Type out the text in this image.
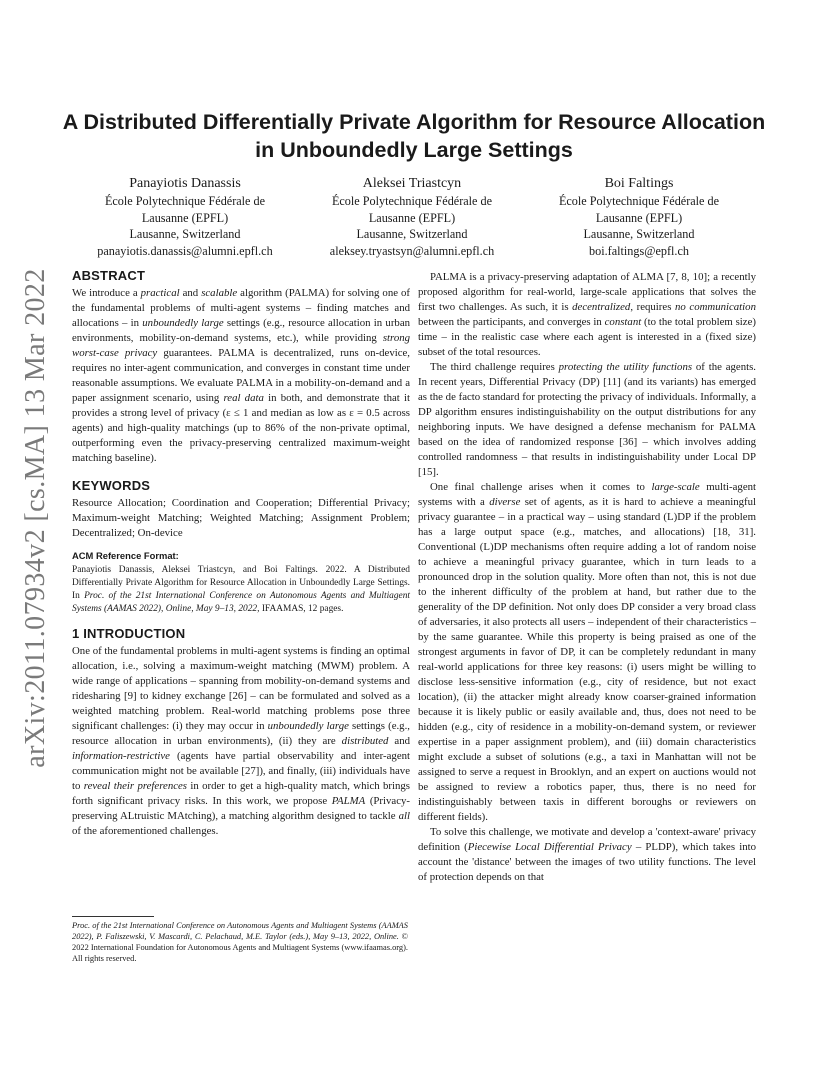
A Distributed Differentially Private Algorithm for Resource Allocation in Unboundedly Large Settings
Panayiotis Danassis
École Polytechnique Fédérale de
Lausanne (EPFL)
Lausanne, Switzerland
panayiotis.danassis@alumni.epfl.ch
Aleksei Triastcyn
École Polytechnique Fédérale de
Lausanne (EPFL)
Lausanne, Switzerland
aleksey.tryastsyn@alumni.epfl.ch
Boi Faltings
École Polytechnique Fédérale de
Lausanne (EPFL)
Lausanne, Switzerland
boi.faltings@epfl.ch
arXiv:2011.07934v2 [cs.MA] 13 Mar 2022 ABSTRACT

We introduce a practical and scalable algorithm (PALMA) for solving one of the fundamental problems of multi-agent systems – finding matches and allocations – in unboundedly large settings (e.g., resource allocation in urban environments, mobility-on-demand systems, etc.), while providing strong worst-case privacy guarantees. PALMA is decentralized, runs on-device, requires no inter-agent communication, and converges in constant time under reasonable assumptions. We evaluate PALMA in a mobility-on-demand and a paper assignment scenario, using real data in both, and demonstrate that it provides a strong level of privacy (ε ≤ 1 and median as low as ε = 0.5 across agents) and high-quality matchings (up to 86% of the non-private optimal, outperforming even the privacy-preserving centralized maximum-weight matching baseline).

KEYWORDS

Resource Allocation; Coordination and Cooperation; Differential Privacy; Maximum-weight Matching; Weighted Matching; Assignment Problem; Decentralized; On-device

ACM Reference Format:

Panayiotis Danassis, Aleksei Triastcyn, and Boi Faltings. 2022. A Distributed Differentially Private Algorithm for Resource Allocation in Unboundedly Large Settings. In Proc. of the 21st International Conference on Autonomous Agents and Multiagent Systems (AAMAS 2022), Online, May 9–13, 2022, IFAAMAS, 12 pages.

1 INTRODUCTION

One of the fundamental problems in multi-agent systems is finding an optimal allocation, i.e., solving a maximum-weight matching (MWM) problem. A wide range of applications – spanning from mobility-on-demand systems and ridesharing [9] to kidney exchange [26] – can be formulated and solved as a weighted matching problem. Real-world matching problems pose three significant challenges: (i) they may occur in unboundedly large settings (e.g., resource allocation in urban environments), (ii) they are distributed and information-restrictive (agents have partial observability and inter-agent communication might not be available [27]), and finally, (iii) individuals have to reveal their preferences in order to get a high-quality match, which brings forth significant privacy risks. In this work, we propose PALMA (Privacy-preserving ALtruistic MAtching), a matching algorithm designed to tackle all of the aforementioned challenges.

Proc. of the 21st International Conference on Autonomous Agents and Multiagent Systems (AAMAS 2022), P. Faliszewski, V. Mascardi, C. Pelachaud, M.E. Taylor (eds.), May 9–13, 2022, Online. © 2022 International Foundation for Autonomous Agents and Multiagent Systems (www.ifaamas.org). All rights reserved.

PALMA is a privacy-preserving adaptation of ALMA [7, 8, 10]; a recently proposed algorithm for real-world, large-scale applications that solves the first two challenges. As such, it is decentralized, requires no communication between the participants, and converges in constant (to the total problem size) time – in the realistic case where each agent is interested in a (fixed size) subset of the total resources.

The third challenge requires protecting the utility functions of the agents. In recent years, Differential Privacy (DP) [11] (and its variants) has emerged as the de facto standard for protecting the privacy of individuals. Informally, a DP algorithm ensures indistinguishability on the output distributions for any neighboring inputs. We have designed a defense mechanism for PALMA based on the idea of randomized response [36] – which involves adding controlled randomness – that results in indistinguishability under Local DP [15].

One final challenge arises when it comes to large-scale multi-agent systems with a diverse set of agents, as it is hard to achieve a meaningful privacy guarantee – in a practical way – using standard (L)DP if the problem has a large output space (e.g., matches, and allocations) [18, 31]. Conventional (L)DP mechanisms often require adding a lot of random noise to achieve a meaningful privacy guarantee, which in turn leads to a pronounced drop in the solution quality. More often than not, this is not due to the inherent difficulty of the problem at hand, but rather due to the generality of the DP definition. Not only does DP consider a very broad class of adversaries, it also protects all users – independent of their characteristics – by the same guarantee. While this property is being praised as one of the strongest arguments in favor of DP, it can be completely redundant in many real-world applications for three key reasons: (i) users might be willing to disclose less-sensitive information (e.g., city of residence, but not exact location), (ii) the attacker might already know coarser-grained information because it is likely public or easily available and, thus, does not need to be hidden (e.g., city of residence in a mobility-on-demand system, or reviewer expertise in a paper assignment problem), and (iii) domain characteristics might exclude a subset of solutions (e.g., a taxi in Manhattan will not be assigned to serve a request in Brooklyn, and an expert on auctions would not be assigned to review a robotics paper, thus, there is no need for indistinguishably between taxis in different boroughs or reviewers on different fields).

To solve this challenge, we motivate and develop a 'context-aware' privacy definition (Piecewise Local Differential Privacy – PLDP), which takes into account the 'distance' between the images of two utility functions. The level of protection depends on that
